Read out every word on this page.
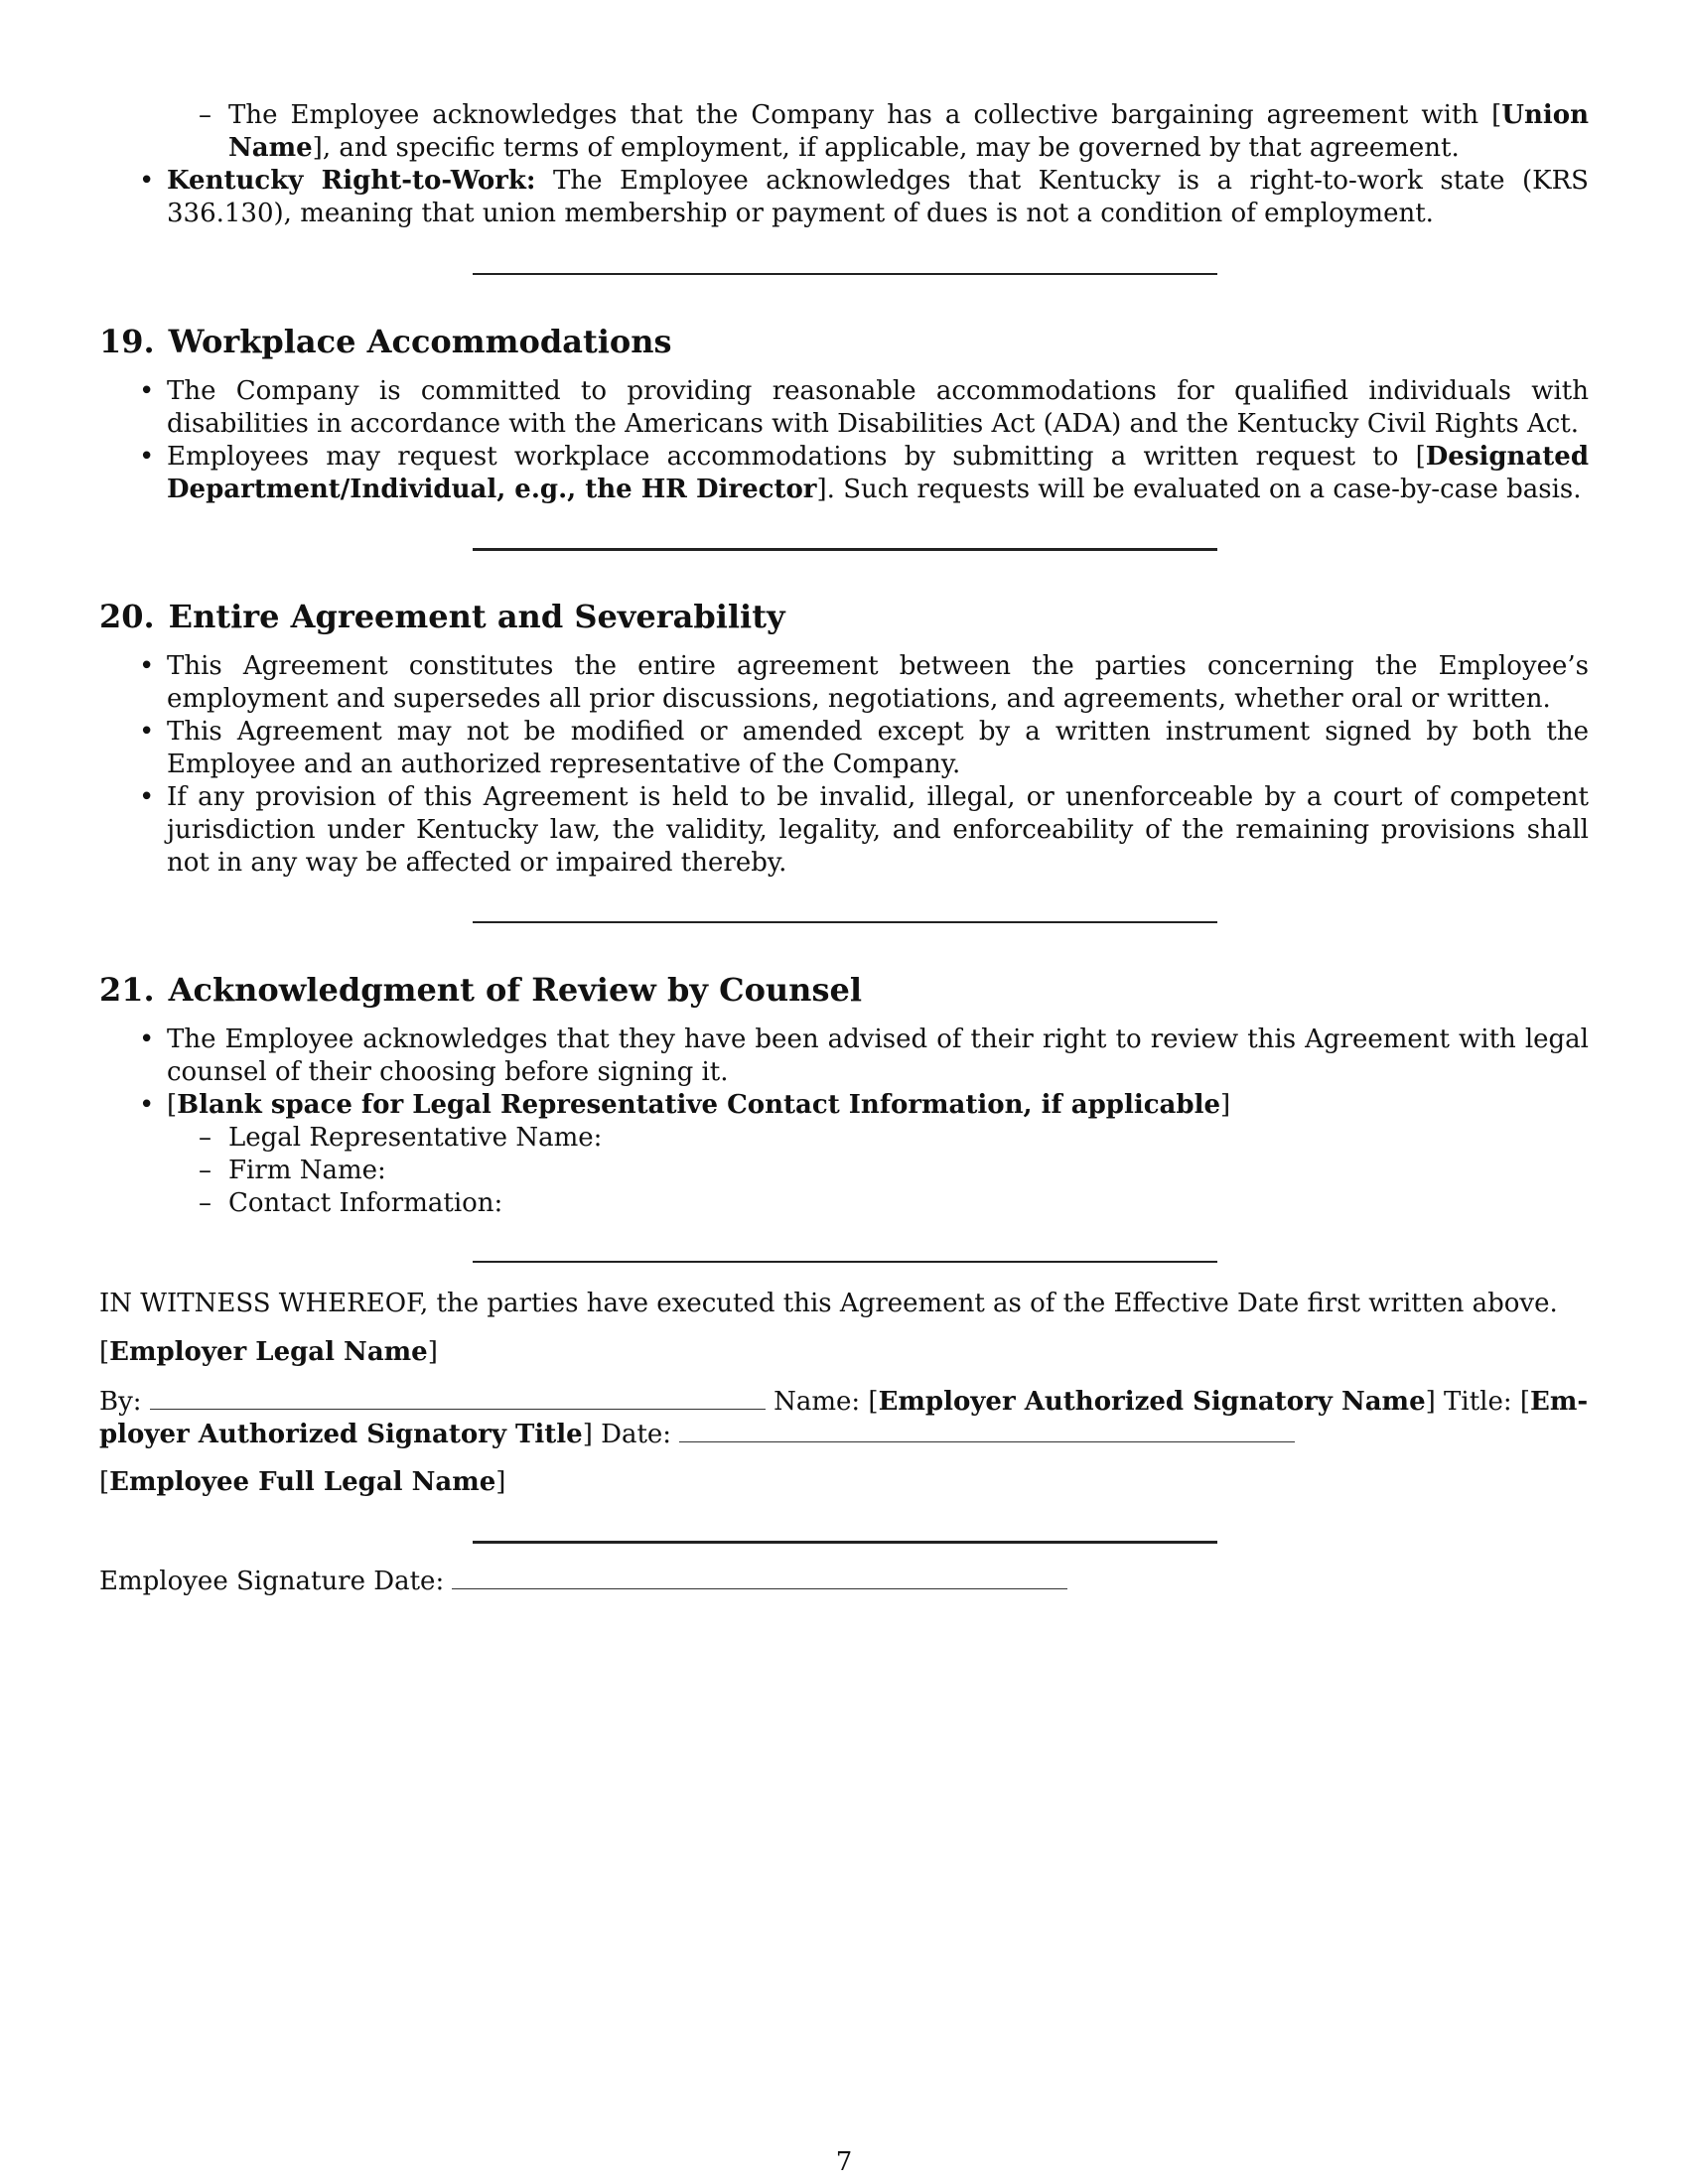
– The Employee acknowledges that the Company has a collective bargaining agreement with [Union Name], and specific terms of employment, if applicable, may be governed by that agreement.
• Kentucky Right-to-Work: The Employee acknowledges that Kentucky is a right-to-work state (KRS 336.130), meaning that union membership or payment of dues is not a condition of employment.
19. Workplace Accommodations
• The Company is committed to providing reasonable accommodations for qualified individuals with disabilities in accordance with the Americans with Disabilities Act (ADA) and the Kentucky Civil Rights Act.
• Employees may request workplace accommodations by submitting a written request to [Designated Department/Individual, e.g., the HR Director]. Such requests will be evaluated on a case-by-case basis.
20. Entire Agreement and Severability
• This Agreement constitutes the entire agreement between the parties concerning the Employee’s employment and supersedes all prior discussions, negotiations, and agreements, whether oral or written.
• This Agreement may not be modified or amended except by a written instrument signed by both the Employee and an authorized representative of the Company.
• If any provision of this Agreement is held to be invalid, illegal, or unenforceable by a court of competent jurisdiction under Kentucky law, the validity, legality, and enforceability of the remaining provisions shall not in any way be affected or impaired thereby.
21. Acknowledgment of Review by Counsel
• The Employee acknowledges that they have been advised of their right to review this Agreement with legal counsel of their choosing before signing it.
• [Blank space for Legal Representative Contact Information, if applicable]
– Legal Representative Name:
– Firm Name:
– Contact Information:
IN WITNESS WHEREOF, the parties have executed this Agreement as of the Effective Date first written above.
[Employer Legal Name]
By:	Name: [Employer Authorized Signatory Name] Title: [Em-
ployer Authorized Signatory Title] Date:
[Employee Full Legal Name]
Employee Signature Date:
7
